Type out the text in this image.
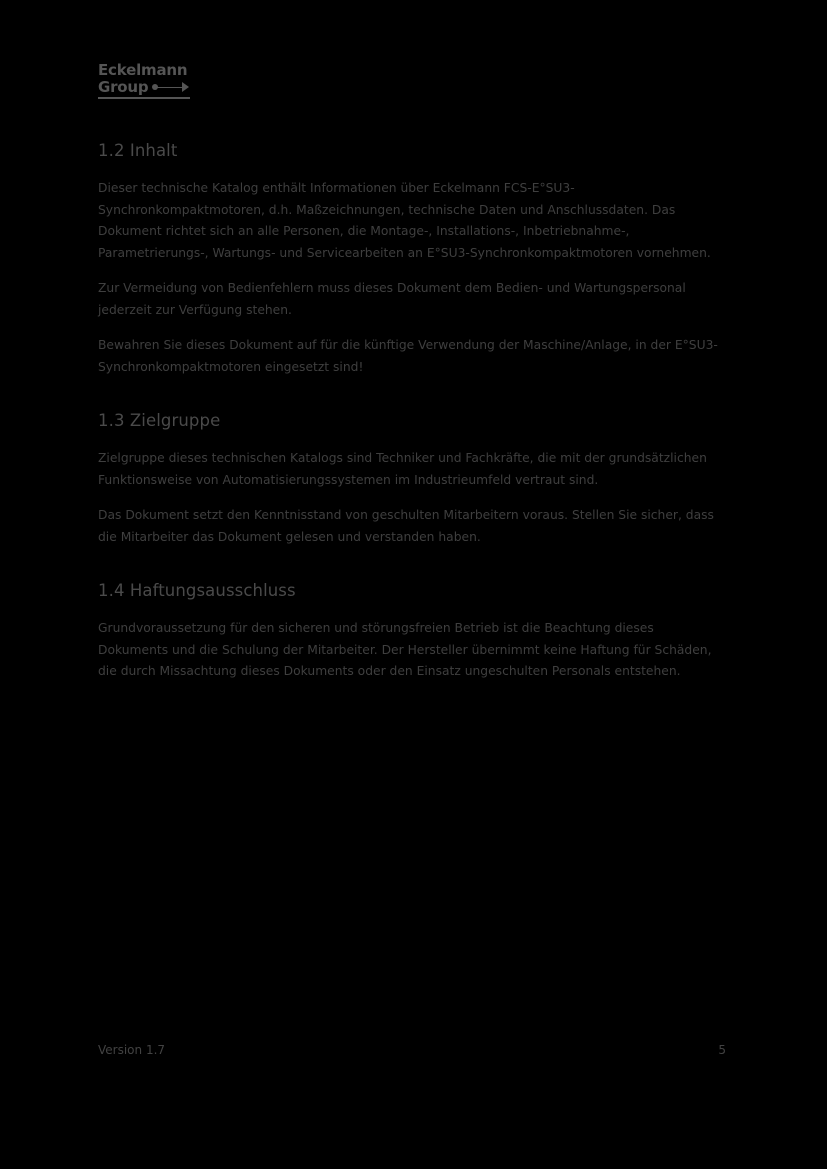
Eckelmann
Group
1.2 Inhalt

Dieser technische Katalog enthält Informationen über Eckelmann FCS-E°SU3-Synchronkompaktmotoren, d.h. Maßzeichnungen, technische Daten und Anschlussdaten. Das Dokument richtet sich an alle Personen, die Montage-, Installations-, Inbetriebnahme-, Parametrierungs-, Wartungs- und Servicearbeiten an E°SU3-Synchronkompaktmotoren vornehmen.

Zur Vermeidung von Bedienfehlern muss dieses Dokument dem Bedien- und Wartungspersonal jederzeit zur Verfügung stehen.

Bewahren Sie dieses Dokument auf für die künftige Verwendung der Maschine/Anlage, in der E°SU3-Synchronkompaktmotoren eingesetzt sind!

1.3 Zielgruppe

Zielgruppe dieses technischen Katalogs sind Techniker und Fachkräfte, die mit der grundsätzlichen Funktionsweise von Automatisierungssystemen im Industrieumfeld vertraut sind.

Das Dokument setzt den Kenntnisstand von geschulten Mitarbeitern voraus. Stellen Sie sicher, dass die Mitarbeiter das Dokument gelesen und verstanden haben.

1.4 Haftungsausschluss

Grundvoraussetzung für den sicheren und störungsfreien Betrieb ist die Beachtung dieses Dokuments und die Schulung der Mitarbeiter. Der Hersteller übernimmt keine Haftung für Schäden, die durch Missachtung dieses Dokuments oder den Einsatz ungeschulten Personals entstehen.

Version 1.7	5
